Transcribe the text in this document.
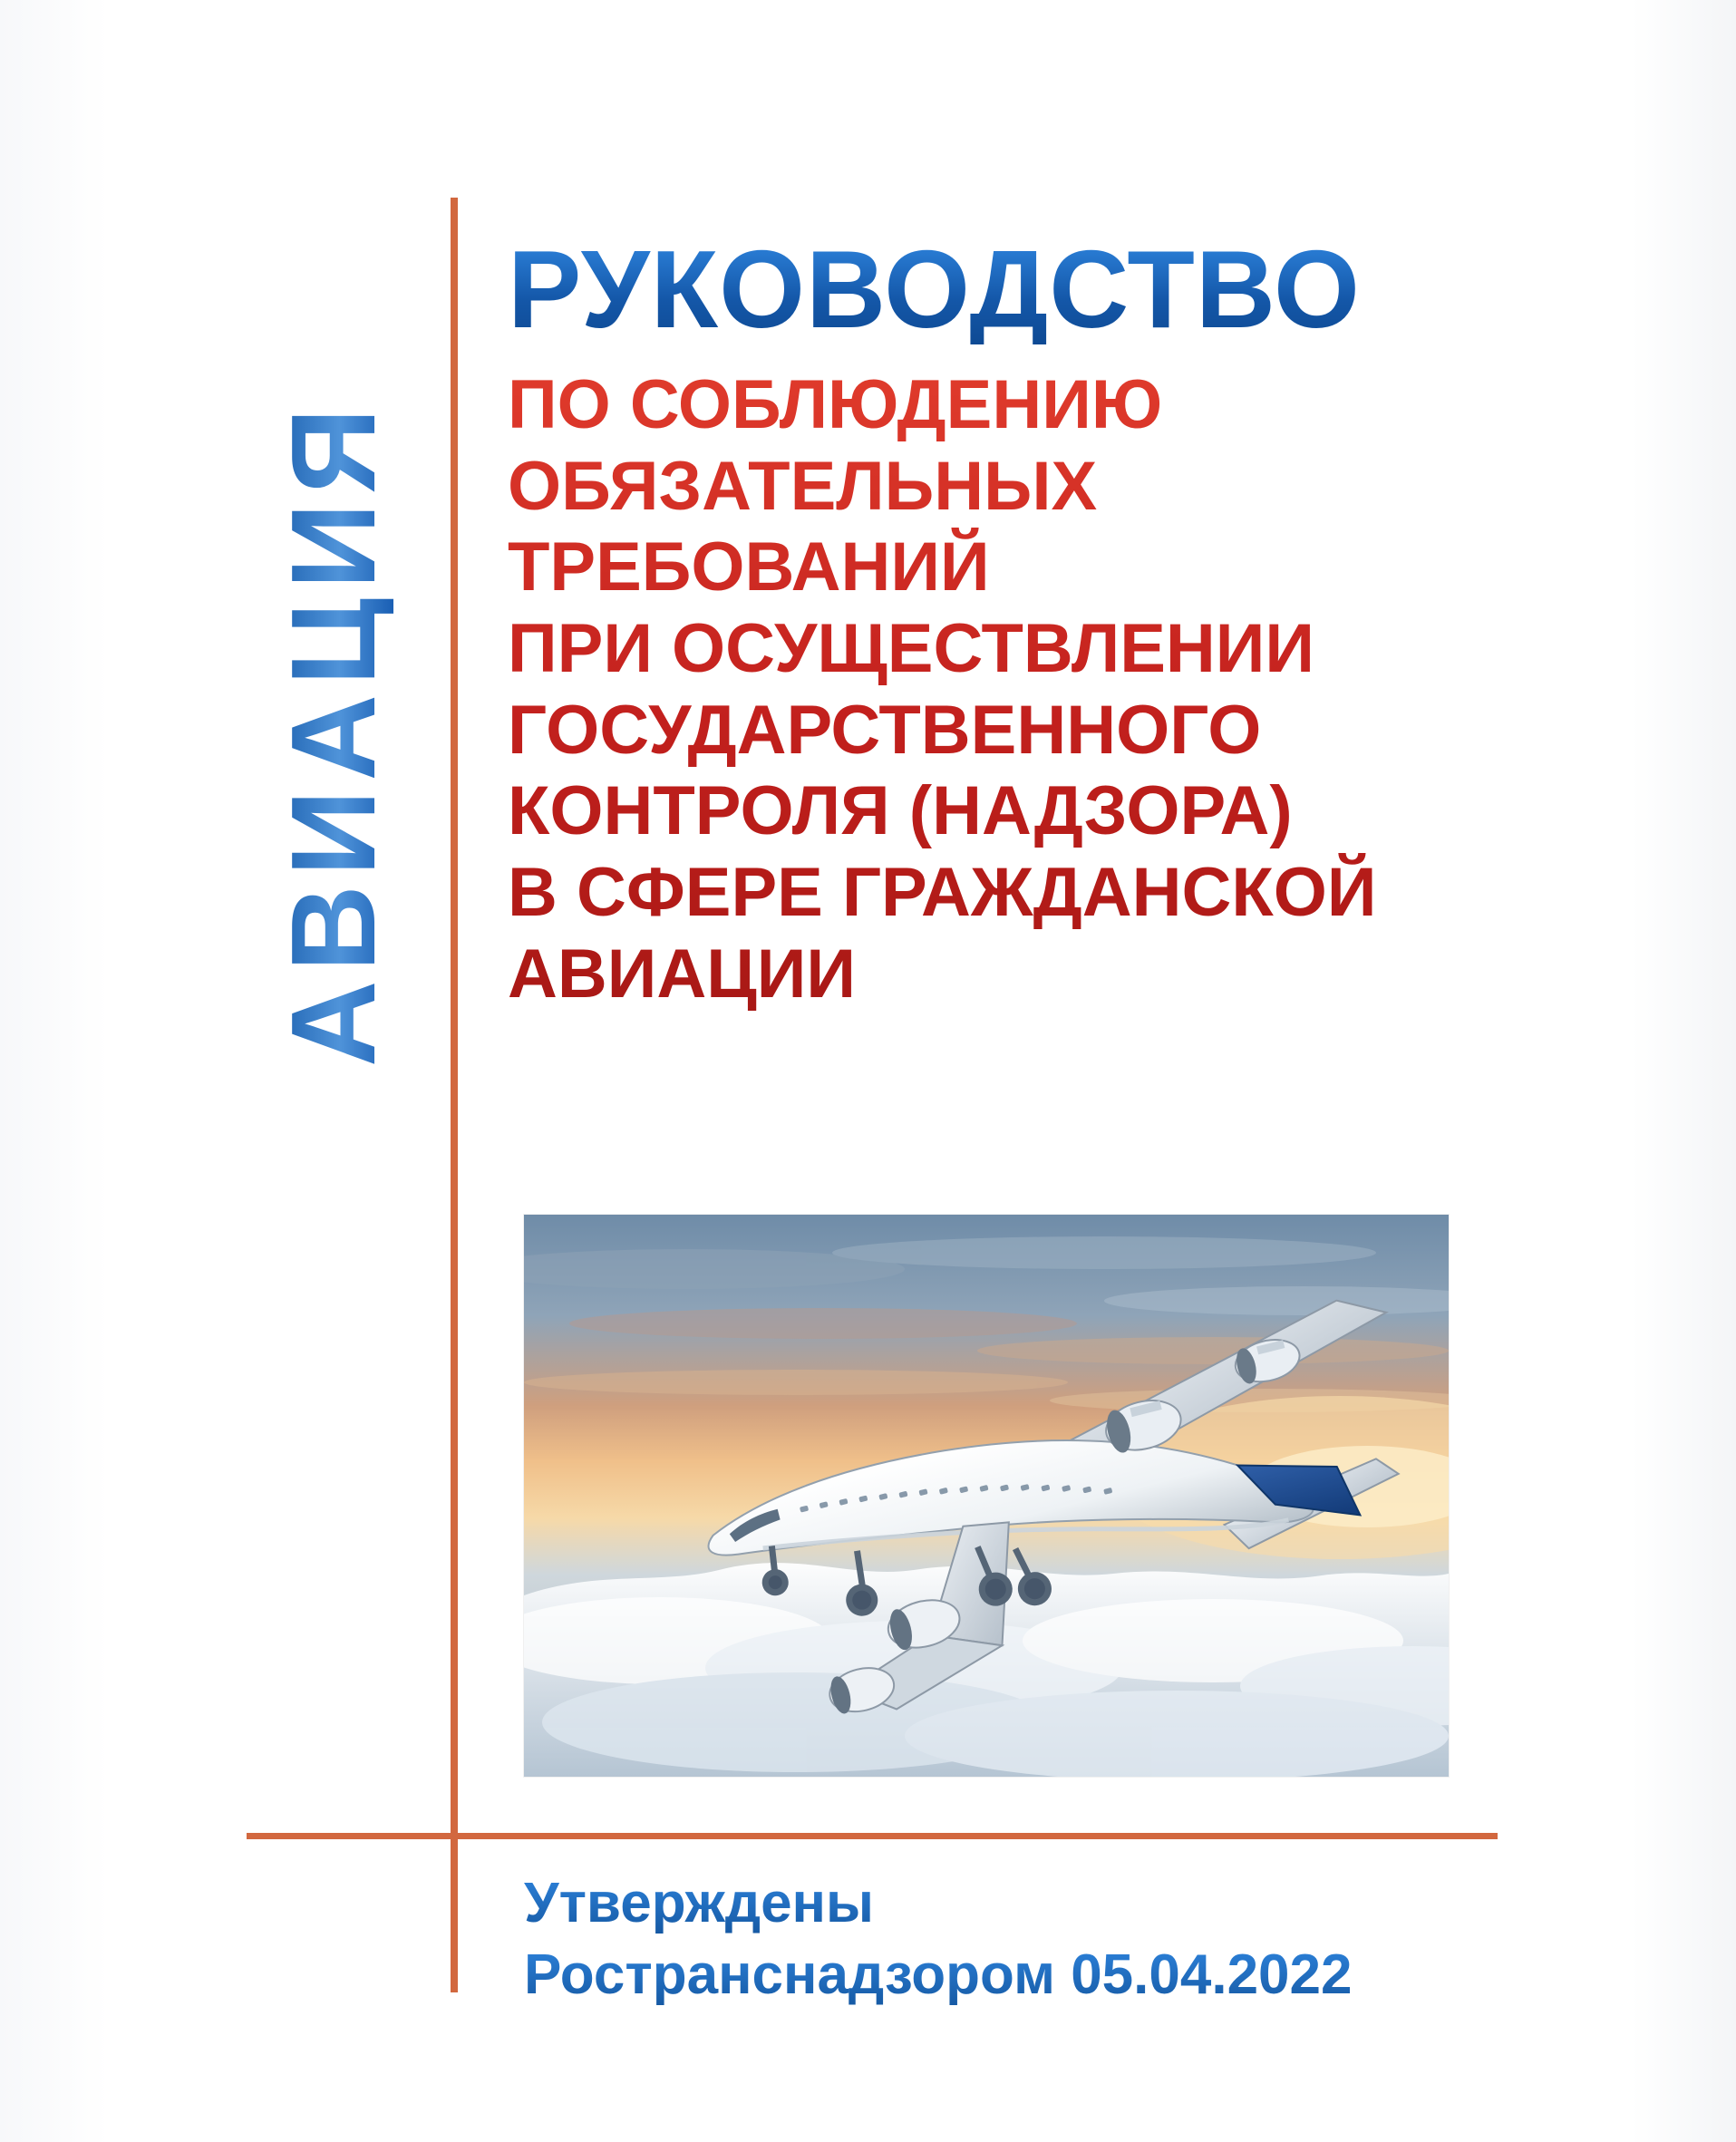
АВИАЦИЯ
РУКОВОДСТВО
ПО СОБЛЮДЕНИЮ
ОБЯЗАТЕЛЬНЫХ
ТРЕБОВАНИЙ
ПРИ ОСУЩЕСТВЛЕНИИ
ГОСУДАРСТВЕННОГО
КОНТРОЛЯ (НАДЗОРА)
В СФЕРЕ ГРАЖДАНСКОЙ
АВИАЦИИ
Утверждены
Ространснадзором 05.04.2022
